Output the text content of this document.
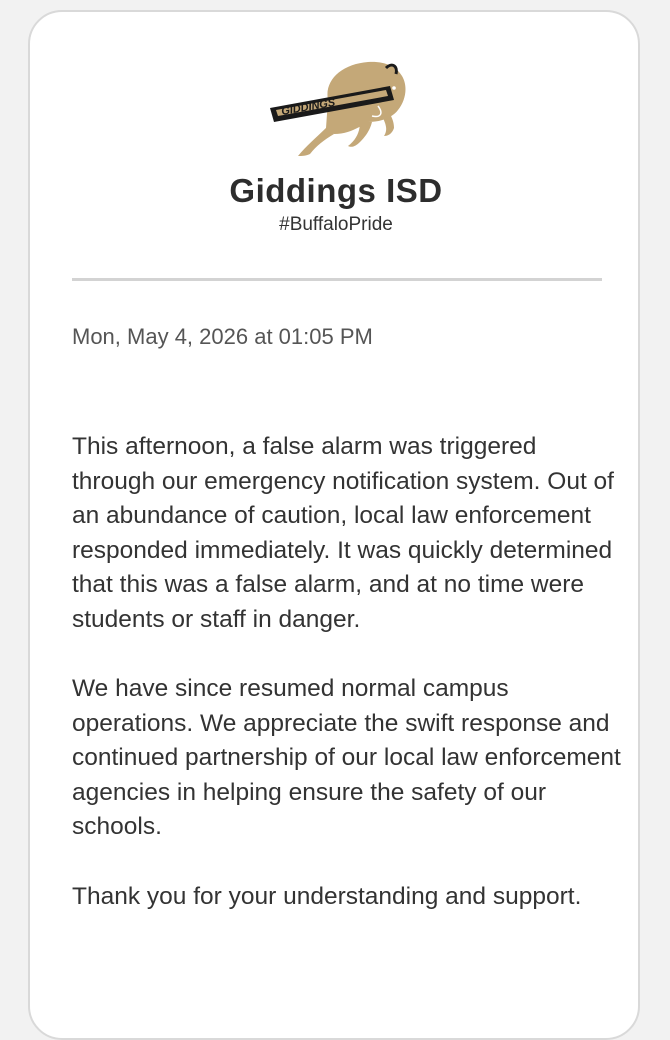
GIDDINGS
Giddings ISD
#BuffaloPride
Mon, May 4, 2026 at 01:05 PM

This afternoon, a false alarm was triggered through our emergency notification system. Out of an abundance of caution, local law enforcement responded immediately. It was quickly determined that this was a false alarm, and at no time were students or staff in danger.

We have since resumed normal campus operations. We appreciate the swift response and continued partnership of our local law enforcement agencies in helping ensure the safety of our schools.

Thank you for your understanding and support.
